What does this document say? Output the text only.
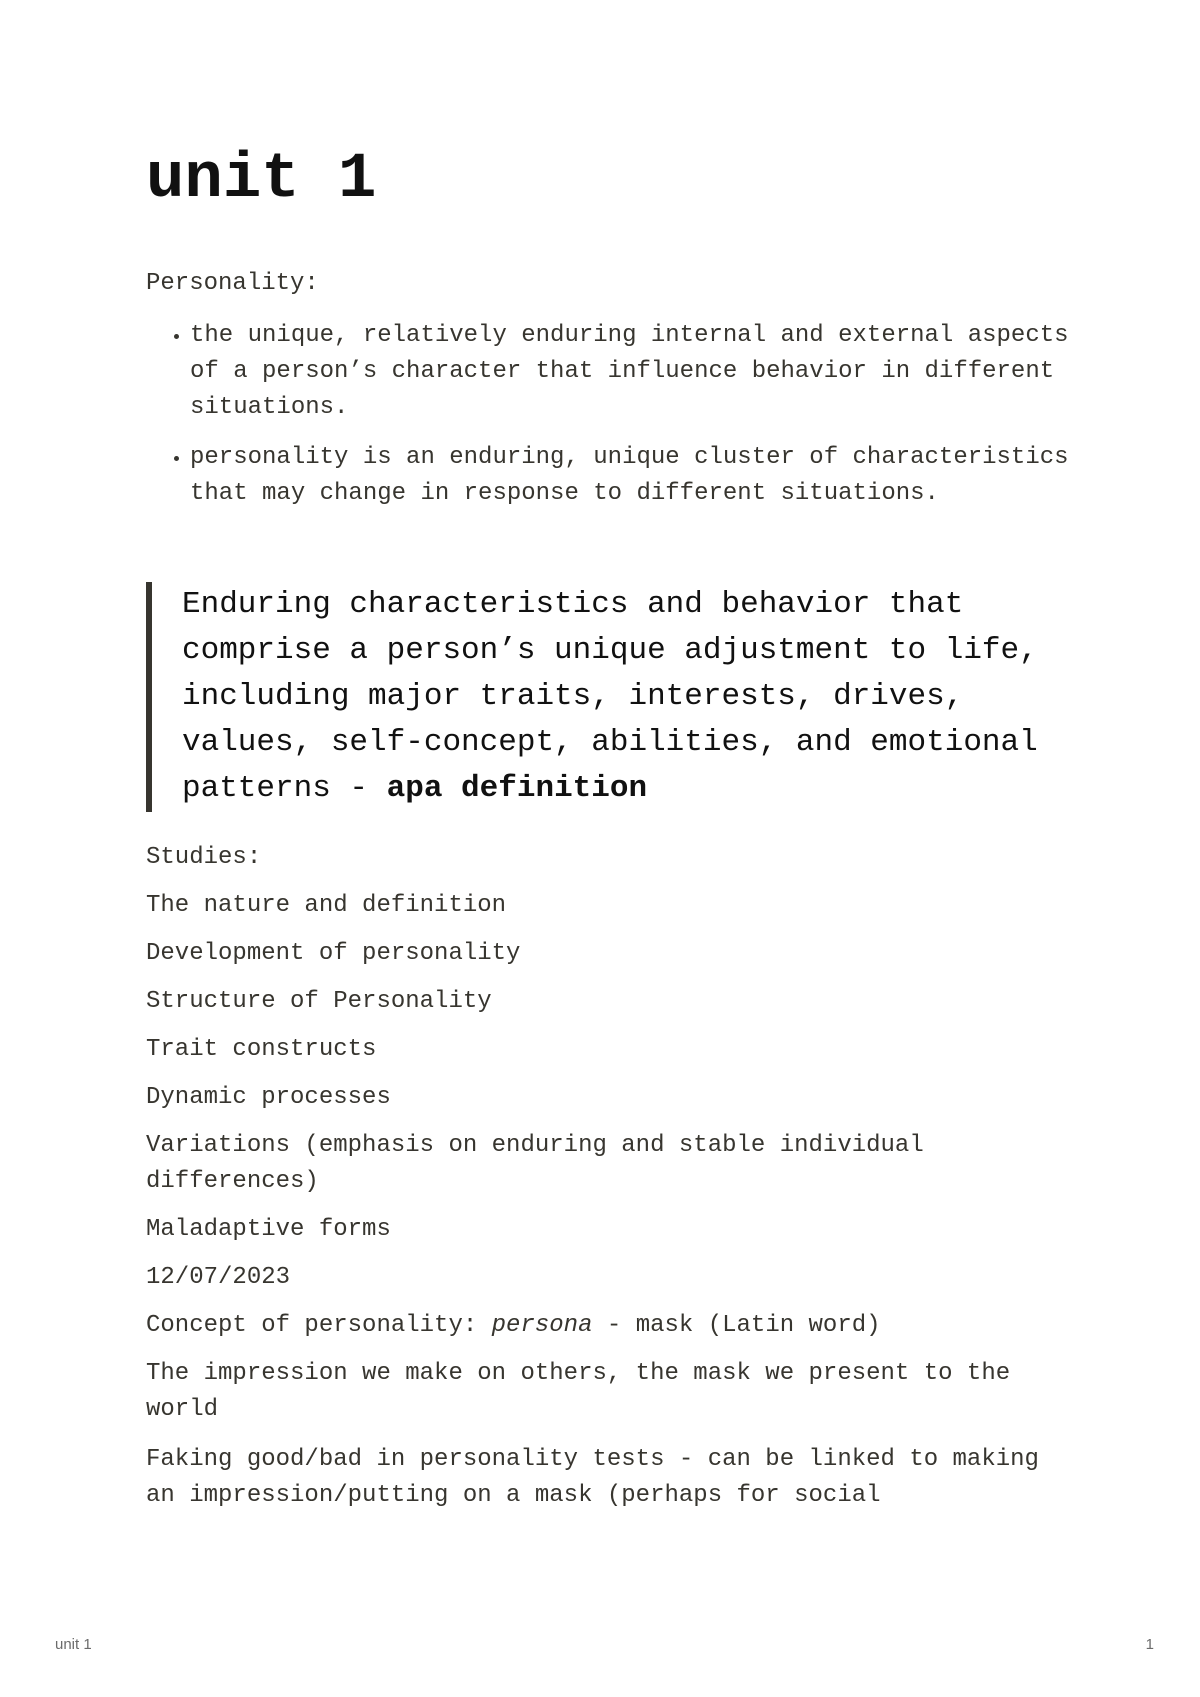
unit 1
Personality:
• the unique, relatively enduring internal and external aspects of a person’s character that influence behavior in different situations.
• personality is an enduring, unique cluster of characteristics that may change in response to different situations.

Enduring characteristics and behavior that comprise a person’s unique adjustment to life, including major traits, interests, drives, values, self-concept, abilities, and emotional patterns - apa definition

Studies:

The nature and definition

Development of personality

Structure of Personality

Trait constructs

Dynamic processes

Variations (emphasis on enduring and stable individual differences)

Maladaptive forms

12/07/2023

Concept of personality: persona - mask (Latin word)

The impression we make on others, the mask we present to the world

Faking good/bad in personality tests - can be linked to making an impression/putting on a mask (perhaps for social

unit 1	1
